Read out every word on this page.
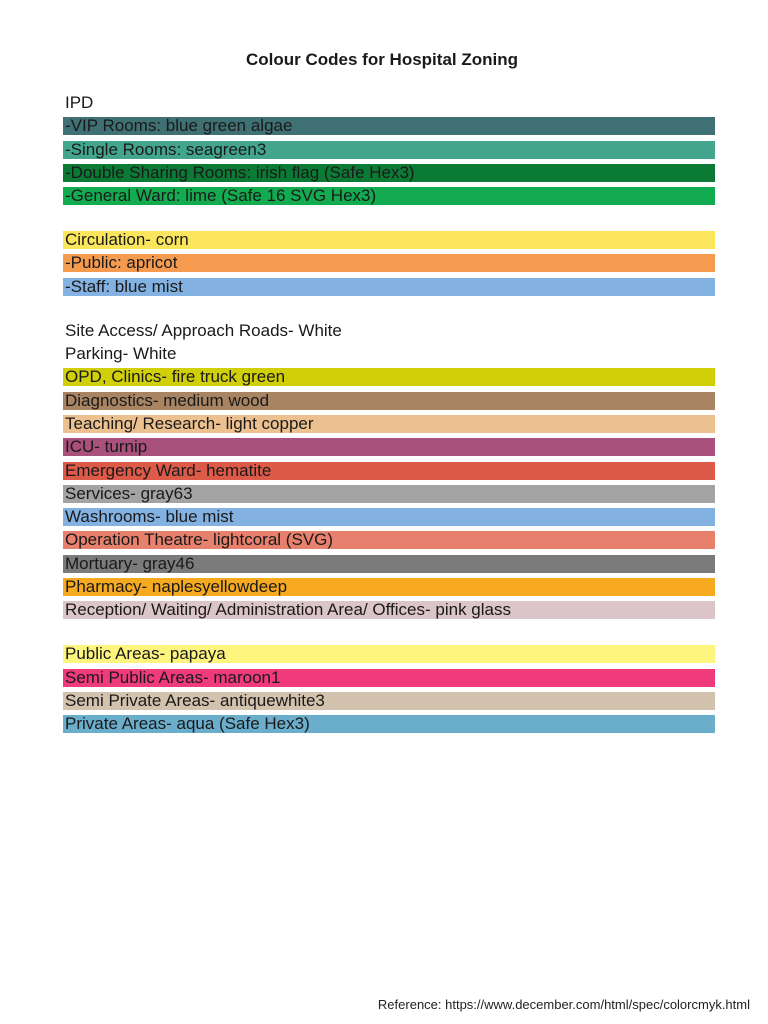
Colour Codes for Hospital Zoning
IPD
-VIP Rooms: blue green algae
-Single Rooms: seagreen3
-Double Sharing Rooms: irish flag (Safe Hex3)
-General Ward: lime (Safe 16 SVG Hex3)
Circulation- corn
-Public: apricot
-Staff: blue mist
Site Access/ Approach Roads- White
Parking- White
OPD, Clinics- fire truck green
Diagnostics- medium wood
Teaching/ Research- light copper
ICU- turnip
Emergency Ward- hematite
Services- gray63
Washrooms- blue mist
Operation Theatre- lightcoral (SVG)
Mortuary- gray46
Pharmacy- naplesyellowdeep
Reception/ Waiting/ Administration Area/ Offices- pink glass
Public Areas- papaya
Semi Public Areas- maroon1
Semi Private Areas- antiquewhite3
Private Areas- aqua (Safe Hex3)
Reference: https://www.december.com/html/spec/colorcmyk.html
